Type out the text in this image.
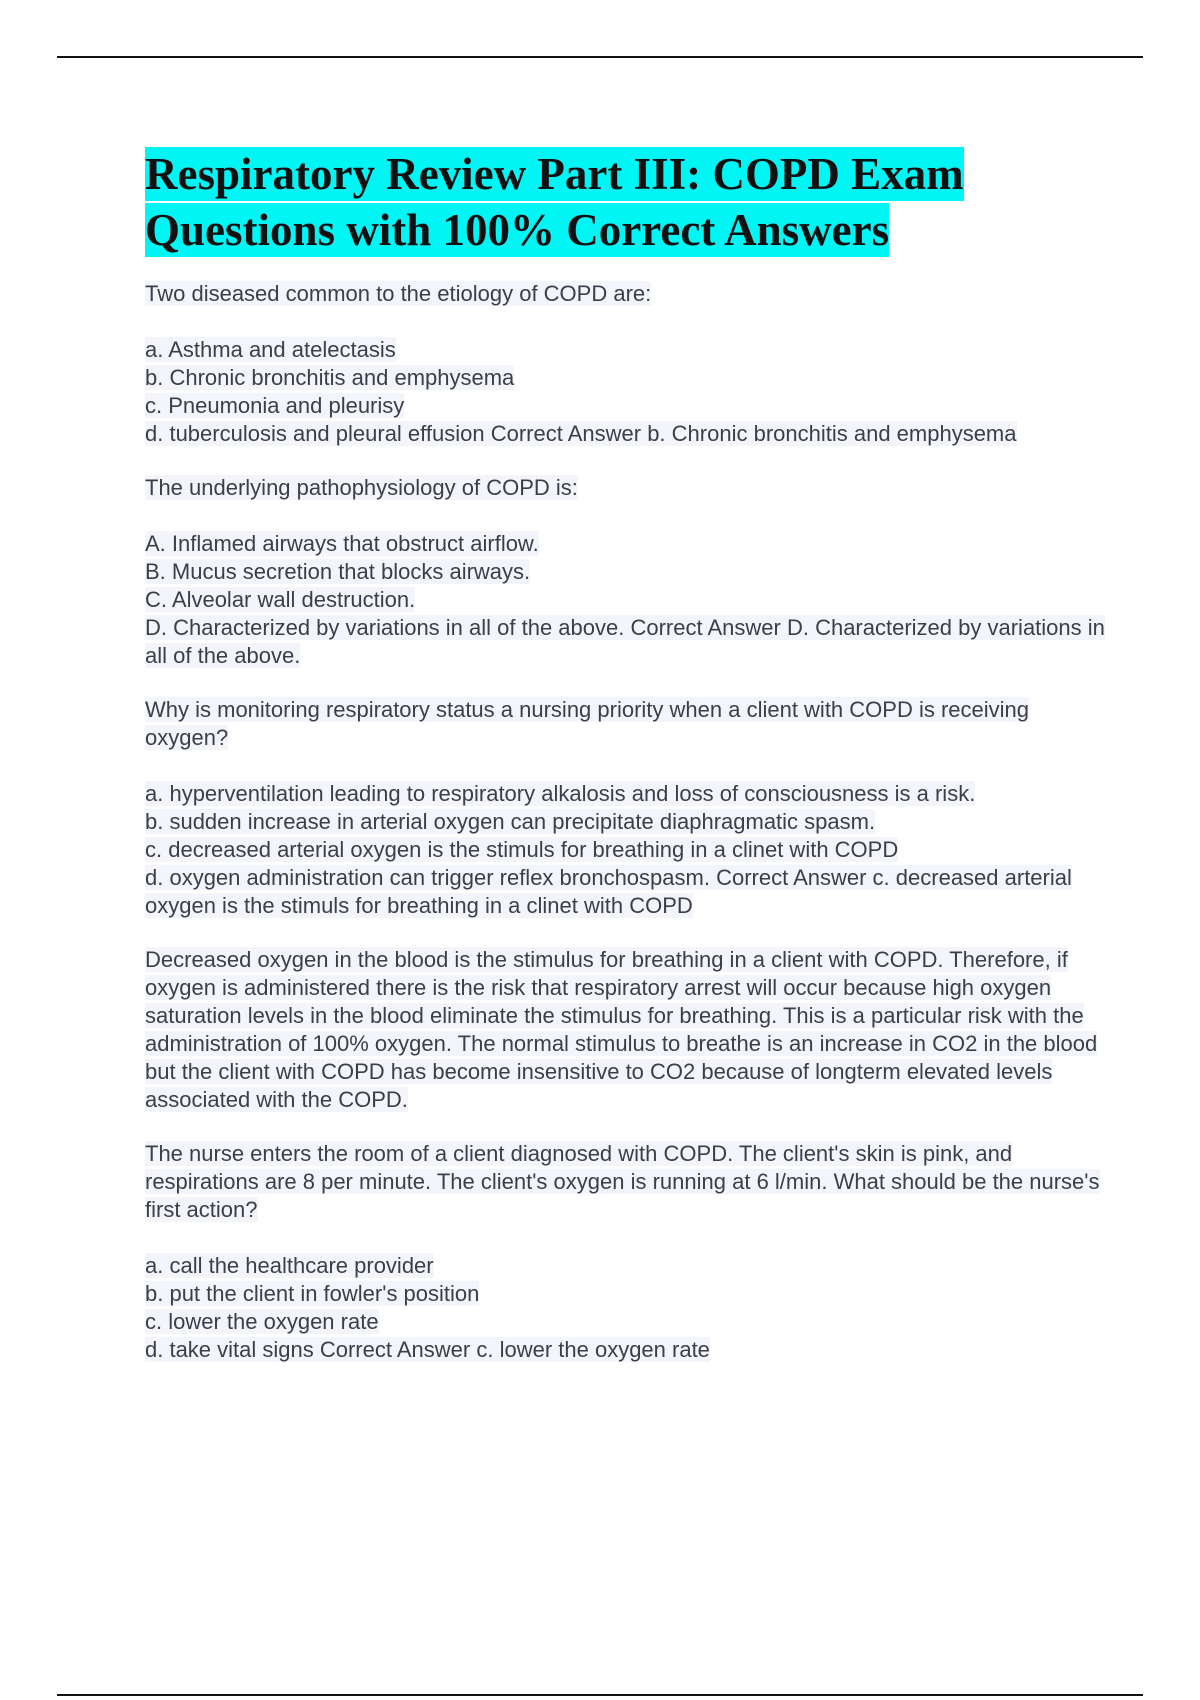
Respiratory Review Part III: COPD Exam
Questions with 100% Correct Answers

Two diseased common to the etiology of COPD are:

a. Asthma and atelectasis
b. Chronic bronchitis and emphysema
c. Pneumonia and pleurisy
d. tuberculosis and pleural effusion Correct Answer b. Chronic bronchitis and emphysema

The underlying pathophysiology of COPD is:

A. Inflamed airways that obstruct airflow.
B. Mucus secretion that blocks airways.
C. Alveolar wall destruction.
D. Characterized by variations in all of the above. Correct Answer D. Characterized by variations in all of the above.

Why is monitoring respiratory status a nursing priority when a client with COPD is receiving oxygen?

a. hyperventilation leading to respiratory alkalosis and loss of consciousness is a risk.
b. sudden increase in arterial oxygen can precipitate diaphragmatic spasm.
c. decreased arterial oxygen is the stimuls for breathing in a clinet with COPD
d. oxygen administration can trigger reflex bronchospasm. Correct Answer c. decreased arterial oxygen is the stimuls for breathing in a clinet with COPD

Decreased oxygen in the blood is the stimulus for breathing in a client with COPD. Therefore, if oxygen is administered there is the risk that respiratory arrest will occur because high oxygen saturation levels in the blood eliminate the stimulus for breathing. This is a particular risk with the administration of 100% oxygen. The normal stimulus to breathe is an increase in CO2 in the blood but the client with COPD has become insensitive to CO2 because of longterm elevated levels associated with the COPD.

The nurse enters the room of a client diagnosed with COPD. The client's skin is pink, and respirations are 8 per minute. The client's oxygen is running at 6 l/min. What should be the nurse's first action?

a. call the healthcare provider
b. put the client in fowler's position
c. lower the oxygen rate
d. take vital signs Correct Answer c. lower the oxygen rate
